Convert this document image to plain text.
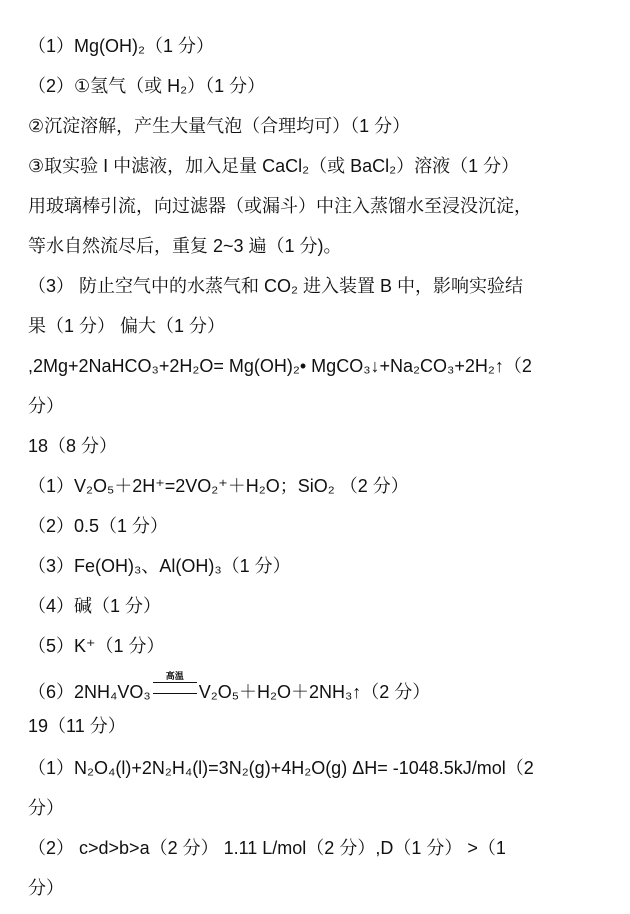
（1）Mg(OH)₂（1 分）
（2）①氢气（或 H₂）（1 分）
②沉淀溶解，产生大量气泡（合理均可）（1 分）
③取实验 I 中滤液，加入足量 CaCl₂（或 BaCl₂）溶液（1 分）
用玻璃棒引流，向过滤器（或漏斗）中注入蒸馏水至浸没沉淀，
等水自然流尽后，重复 2~3 遍（1 分)。
（3） 防止空气中的水蒸气和 CO₂ 进入装置 B 中，影响实验结
果（1 分） 偏大（1 分）
,2Mg+2NaHCO₃+2H₂O= Mg(OH)₂• MgCO₃↓+Na₂CO₃+2H₂↑（2
分）
18（8 分）
（1）V₂O₅＋2H⁺=2VO₂⁺＋H₂O；SiO₂ （2 分）
（2）0.5（1 分）
（3）Fe(OH)₃、Al(OH)₃（1 分）
（4）碱（1 分）
（5）K⁺（1 分）
（6）2NH₄VO₃
高温
V₂O₅＋H₂O＋2NH₃↑（2 分）
19（11 分）
（1）N₂O₄(l)+2N₂H₄(l)=3N₂(g)+4H₂O(g) ΔH= -1048.5kJ/mol（2
分）
（2） c>d>b>a（2 分） 1.11 L/mol（2 分）,D（1 分） >（1
分）
